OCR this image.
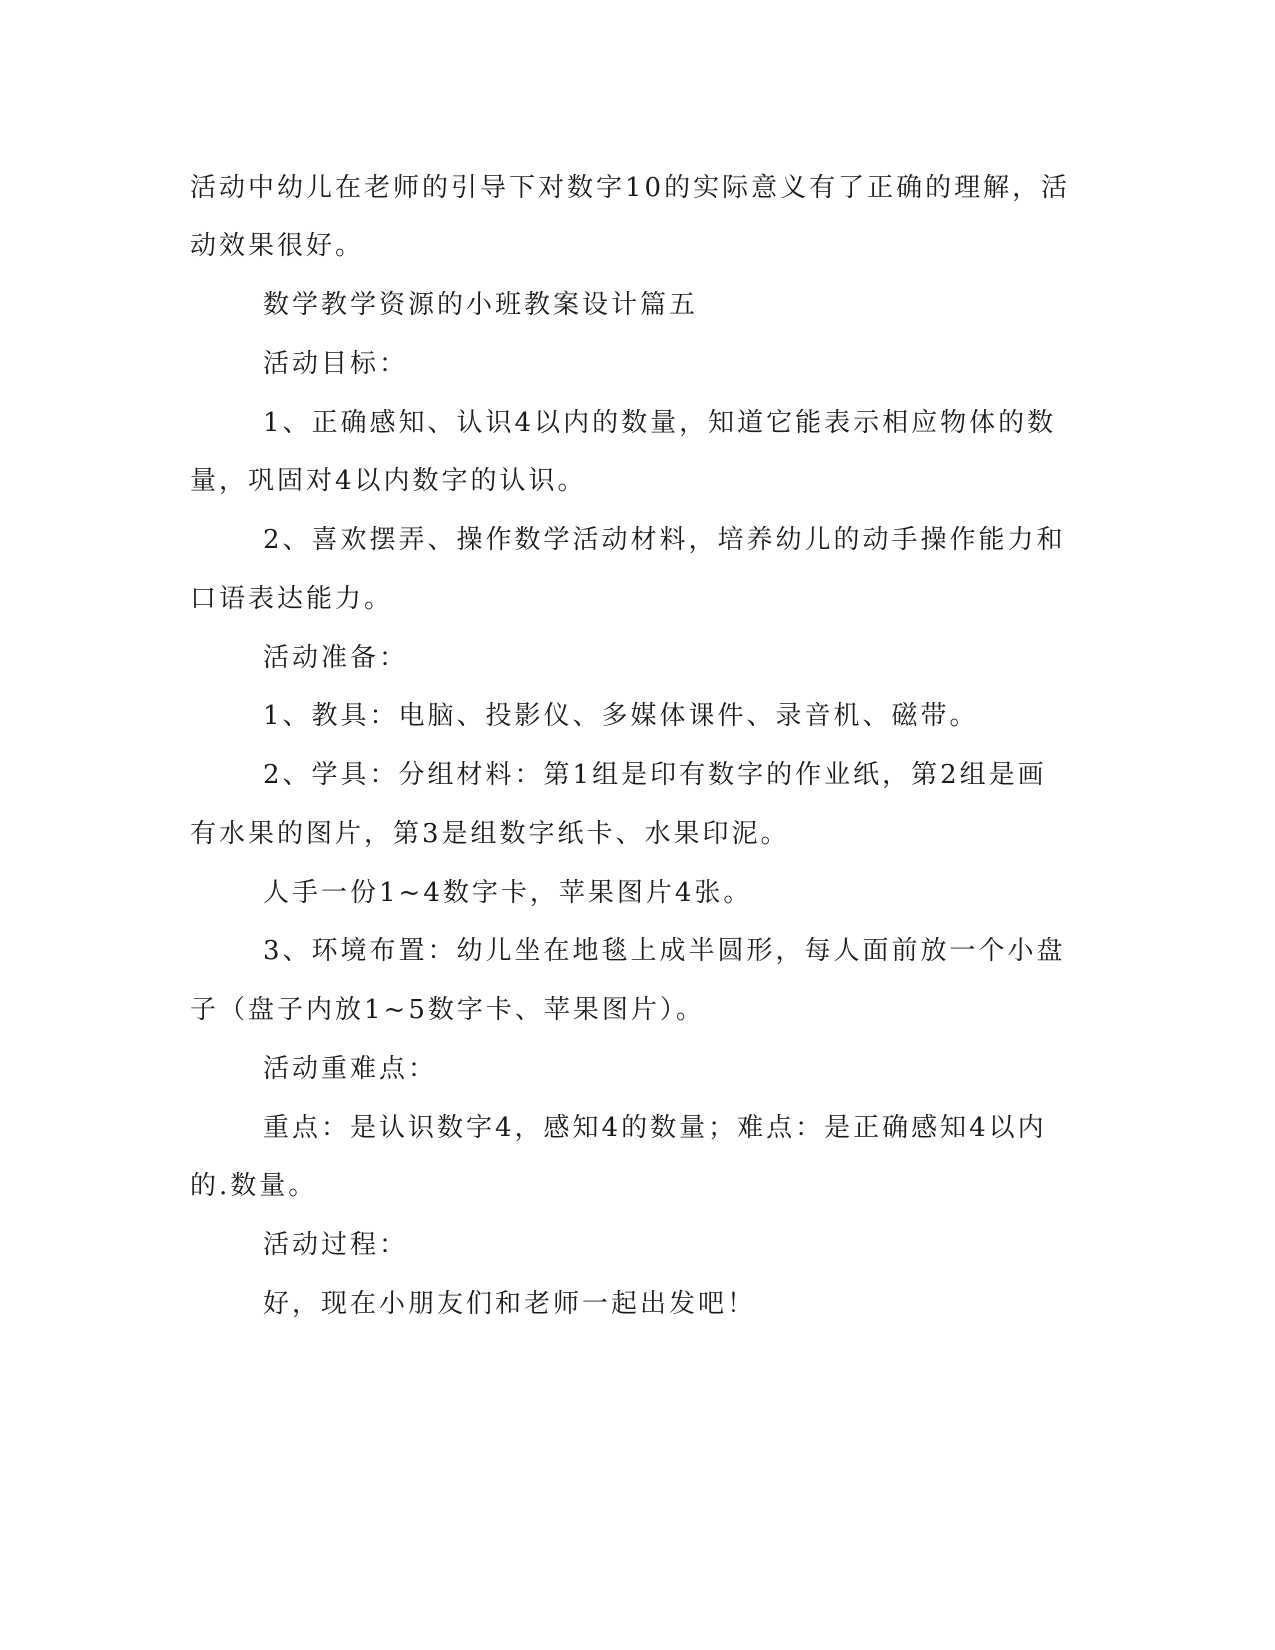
活动中幼儿在老师的引导下对数字10的实际意义有了正确的理解，活

动效果很好。

数学教学资源的小班教案设计篇五

活动目标：

1、正确感知、认识4以内的数量，知道它能表示相应物体的数

量，巩固对4以内数字的认识。

2、喜欢摆弄、操作数学活动材料，培养幼儿的动手操作能力和

口语表达能力。

活动准备：

1、教具：电脑、投影仪、多媒体课件、录音机、磁带。

2、学具：分组材料：第1组是印有数字的作业纸，第2组是画

有水果的图片，第3是组数字纸卡、水果印泥。

人手一份1~4数字卡，苹果图片4张。

3、环境布置：幼儿坐在地毯上成半圆形，每人面前放一个小盘

子（盘子内放1~5数字卡、苹果图片）。

活动重难点：

重点：是认识数字4，感知4的数量；难点：是正确感知4以内

的.数量。

活动过程：

好，现在小朋友们和老师一起出发吧！
